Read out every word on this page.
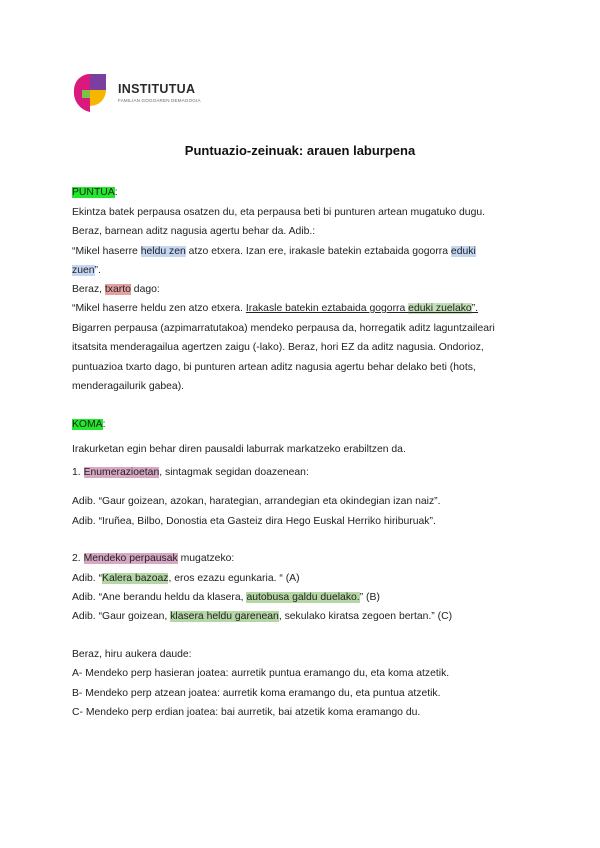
INSTITUTUA
FAMILIAN GOGOAREN DEMAGOGIA
Puntuazio-zeinuak: arauen laburpena
PUNTUA:
Ekintza batek perpausa osatzen du, eta perpausa beti bi punturen artean mugatuko dugu.
Beraz, barnean aditz nagusia agertu behar da. Adib.:
“Mikel haserre heldu zen atzo etxera. Izan ere, irakasle batekin eztabaida gogorra eduki
zuen”.
Beraz, txarto dago:
“Mikel haserre heldu zen atzo etxera. Irakasle batekin eztabaida gogorra eduki zuelako”.
Bigarren perpausa (azpimarratutakoa) mendeko perpausa da, horregatik aditz laguntzaileari
itsatsita menderagailua agertzen zaigu (-lako). Beraz, hori EZ da aditz nagusia. Ondorioz,
puntuazioa txarto dago, bi punturen artean aditz nagusia agertu behar delako beti (hots,
menderagailurik gabea).
KOMA:
Irakurketan egin behar diren pausaldi laburrak markatzeko erabiltzen da.
1. Enumerazioetan, sintagmak segidan doazenean:
Adib. “Gaur goizean, azokan, harategian, arrandegian eta okindegian izan naiz”.
Adib. “Iruñea, Bilbo, Donostia eta Gasteiz dira Hego Euskal Herriko hiriburuak”.
2. Mendeko perpausak mugatzeko:
Adib. “Kalera bazoaz, eros ezazu egunkaria. “ (A)
Adib. “Ane berandu heldu da klasera, autobusa galdu duelako.” (B)
Adib. “Gaur goizean, klasera heldu garenean, sekulako kiratsa zegoen bertan.” (C)
Beraz, hiru aukera daude:
A- Mendeko perp hasieran joatea: aurretik puntua eramango du, eta koma atzetik.
B- Mendeko perp atzean joatea: aurretik koma eramango du, eta puntua atzetik.
C- Mendeko perp erdian joatea: bai aurretik, bai atzetik koma eramango du.
